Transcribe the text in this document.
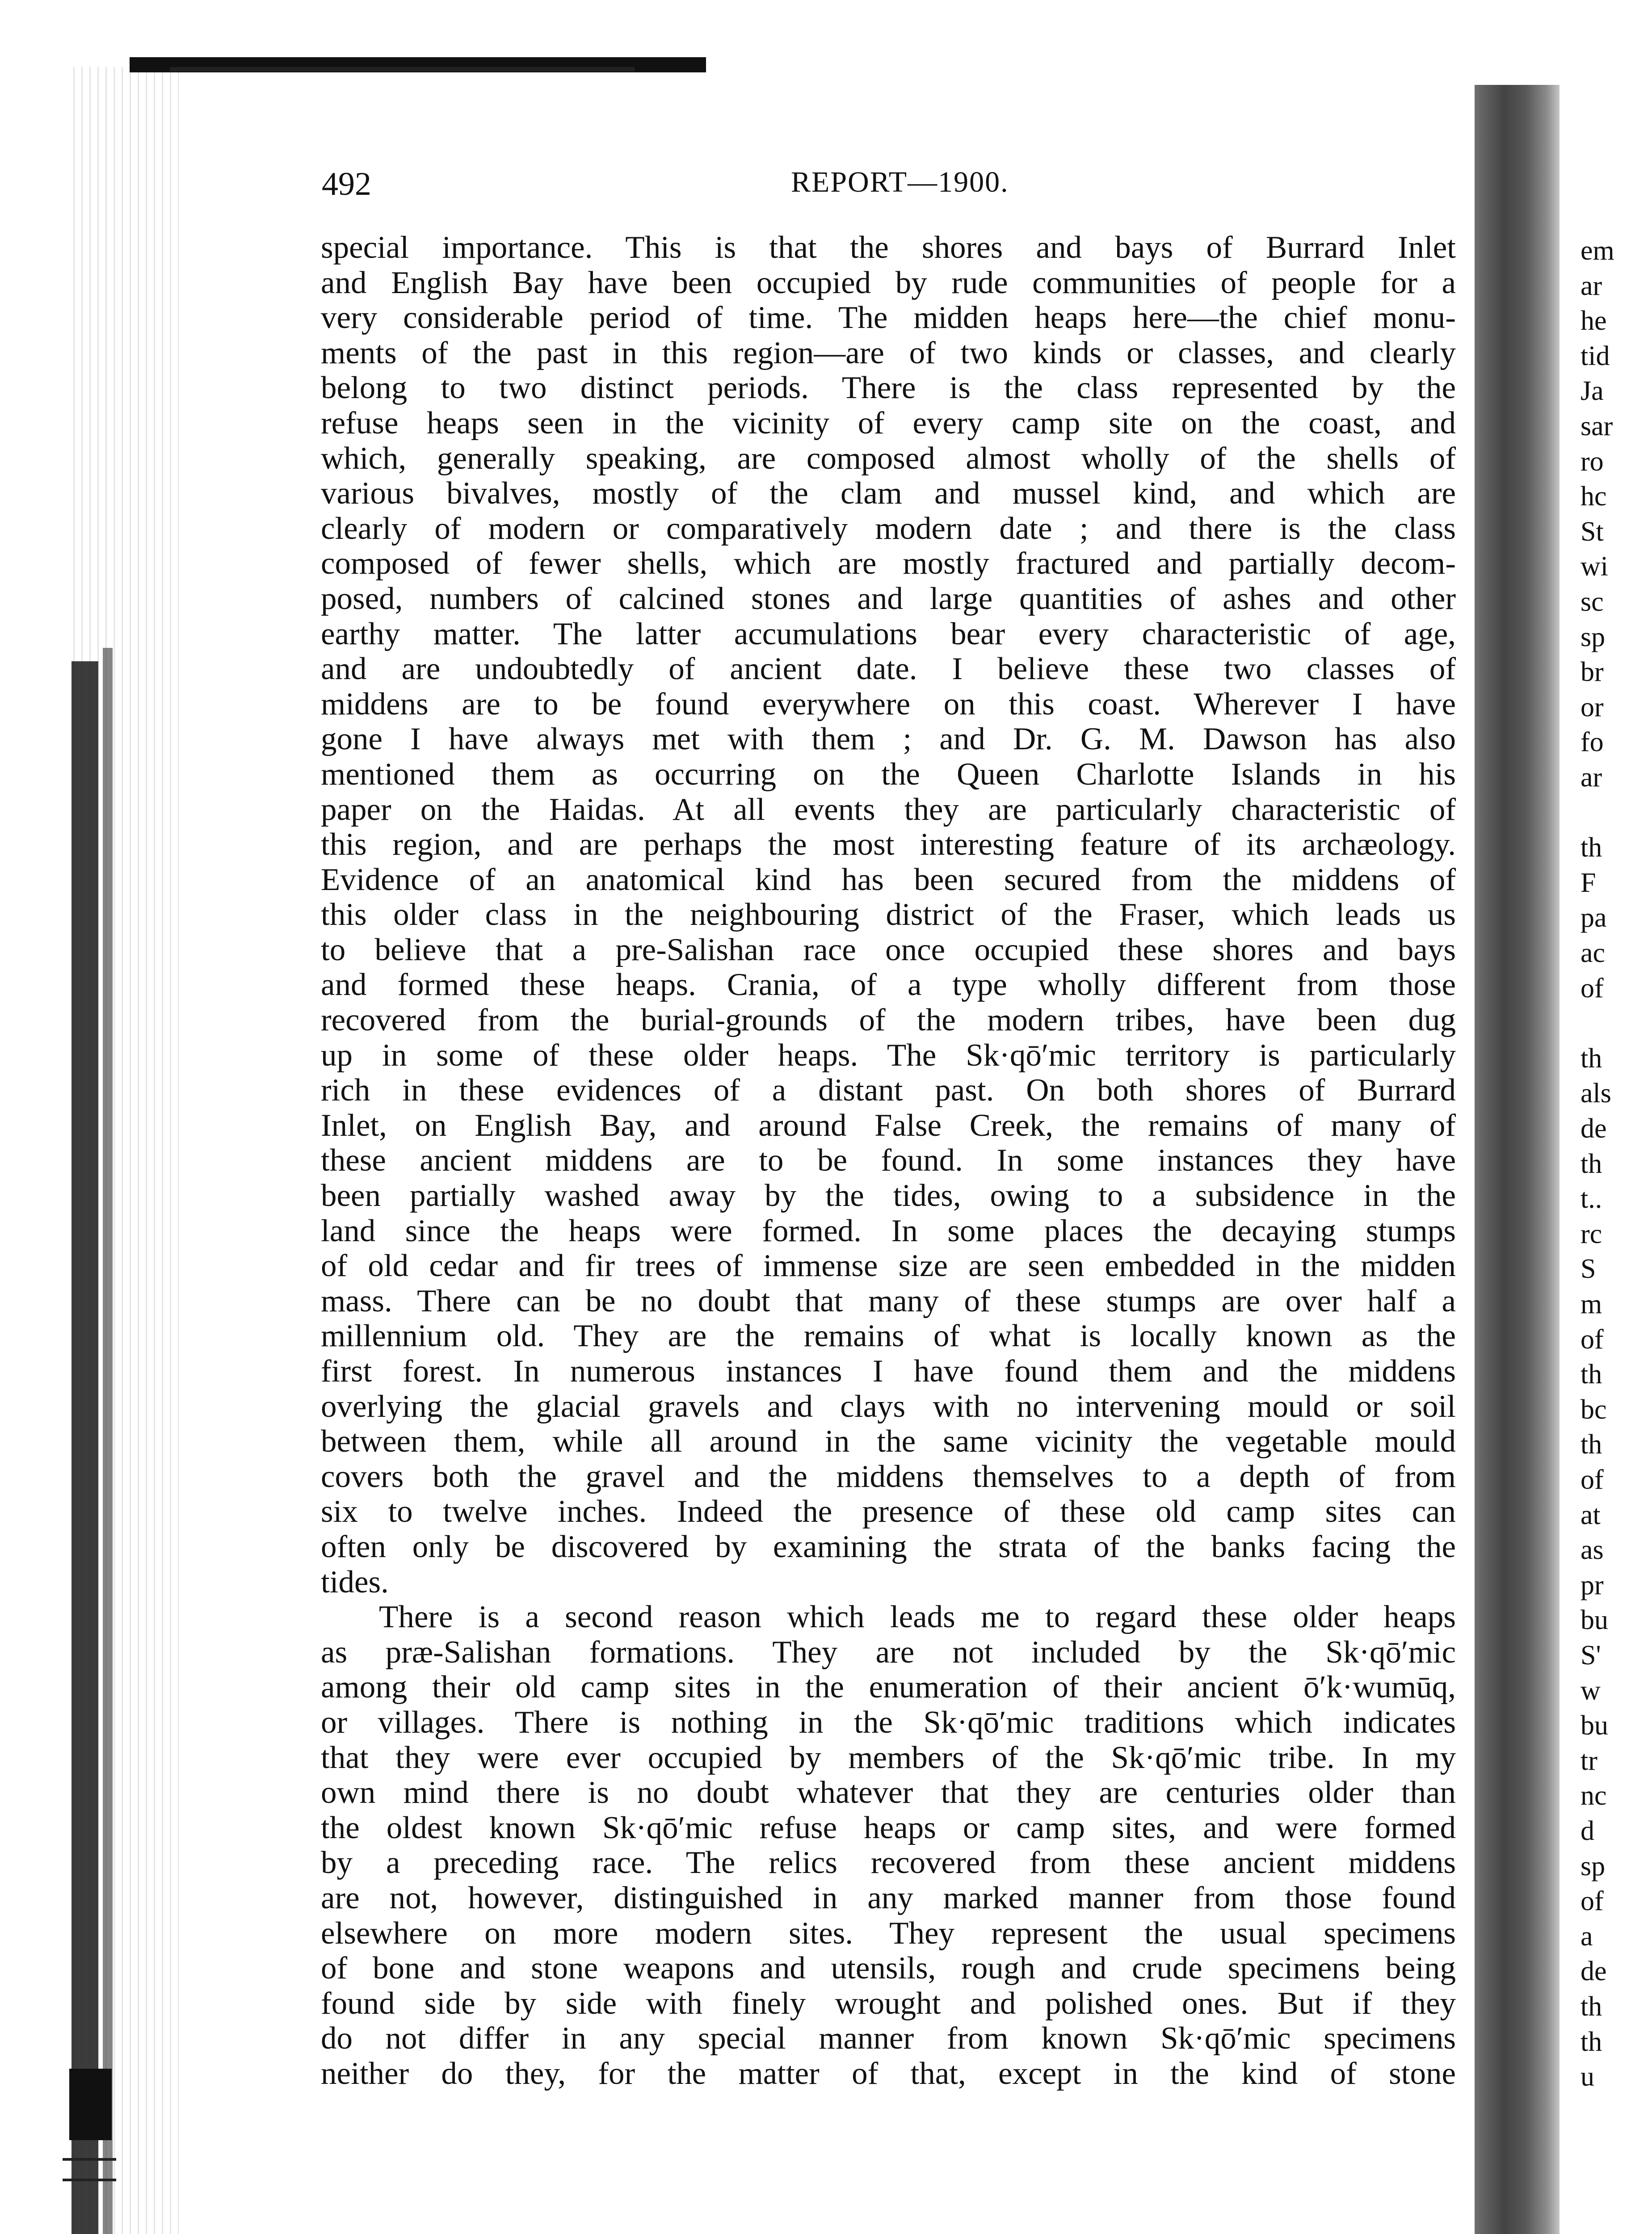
492	REPORT—1900.
special importance. This is that the shores and bays of Burrard Inlet
and English Bay have been occupied by rude communities of people for a
very considerable period of time. The midden heaps here—the chief monu-
ments of the past in this region—are of two kinds or classes, and clearly
belong to two distinct periods. There is the class represented by the
refuse heaps seen in the vicinity of every camp site on the coast, and
which, generally speaking, are composed almost wholly of the shells of
various bivalves, mostly of the clam and mussel kind, and which are
clearly of modern or comparatively modern date ; and there is the class
composed of fewer shells, which are mostly fractured and partially decom-
posed, numbers of calcined stones and large quantities of ashes and other
earthy matter. The latter accumulations bear every characteristic of age,
and are undoubtedly of ancient date. I believe these two classes of
middens are to be found everywhere on this coast. Wherever I have
gone I have always met with them ; and Dr. G. M. Dawson has also
mentioned them as occurring on the Queen Charlotte Islands in his
paper on the Haidas. At all events they are particularly characteristic of
this region, and are perhaps the most interesting feature of its archæology.
Evidence of an anatomical kind has been secured from the middens of
this older class in the neighbouring district of the Fraser, which leads us
to believe that a pre-Salishan race once occupied these shores and bays
and formed these heaps. Crania, of a type wholly different from those
recovered from the burial-grounds of the modern tribes, have been dug
up in some of these older heaps. The Sk·qō′mic territory is particularly
rich in these evidences of a distant past. On both shores of Burrard
Inlet, on English Bay, and around False Creek, the remains of many of
these ancient middens are to be found. In some instances they have
been partially washed away by the tides, owing to a subsidence in the
land since the heaps were formed. In some places the decaying stumps
of old cedar and fir trees of immense size are seen embedded in the midden
mass. There can be no doubt that many of these stumps are over half a
millennium old. They are the remains of what is locally known as the
first forest. In numerous instances I have found them and the middens
overlying the glacial gravels and clays with no intervening mould or soil
between them, while all around in the same vicinity the vegetable mould
covers both the gravel and the middens themselves to a depth of from
six to twelve inches. Indeed the presence of these old camp sites can
often only be discovered by examining the strata of the banks facing the
tides.
There is a second reason which leads me to regard these older heaps
as præ-Salishan formations. They are not included by the Sk·qō′mic
among their old camp sites in the enumeration of their ancient ō′k·wumūq,
or villages. There is nothing in the Sk·qō′mic traditions which indicates
that they were ever occupied by members of the Sk·qō′mic tribe. In my
own mind there is no doubt whatever that they are centuries older than
the oldest known Sk·qō′mic refuse heaps or camp sites, and were formed
by a preceding race. The relics recovered from these ancient middens
are not, however, distinguished in any marked manner from those found
elsewhere on more modern sites. They represent the usual specimens
of bone and stone weapons and utensils, rough and crude specimens being
found side by side with finely wrought and polished ones. But if they
do not differ in any special manner from known Sk·qō′mic specimens
neither do they, for the matter of that, except in the kind of stone
em
ar
he
tid
Ja
sar
ro
hc
St
wi
sc
sp
br
or
fo
ar
th
F
pa
ac
of
th
als
de
th
t..
rc
S
m
of
th
bc
th
of
at
as
pr
bu
S'
w
bu
tr
nc
d
sp
of
a
de
th
th
u
